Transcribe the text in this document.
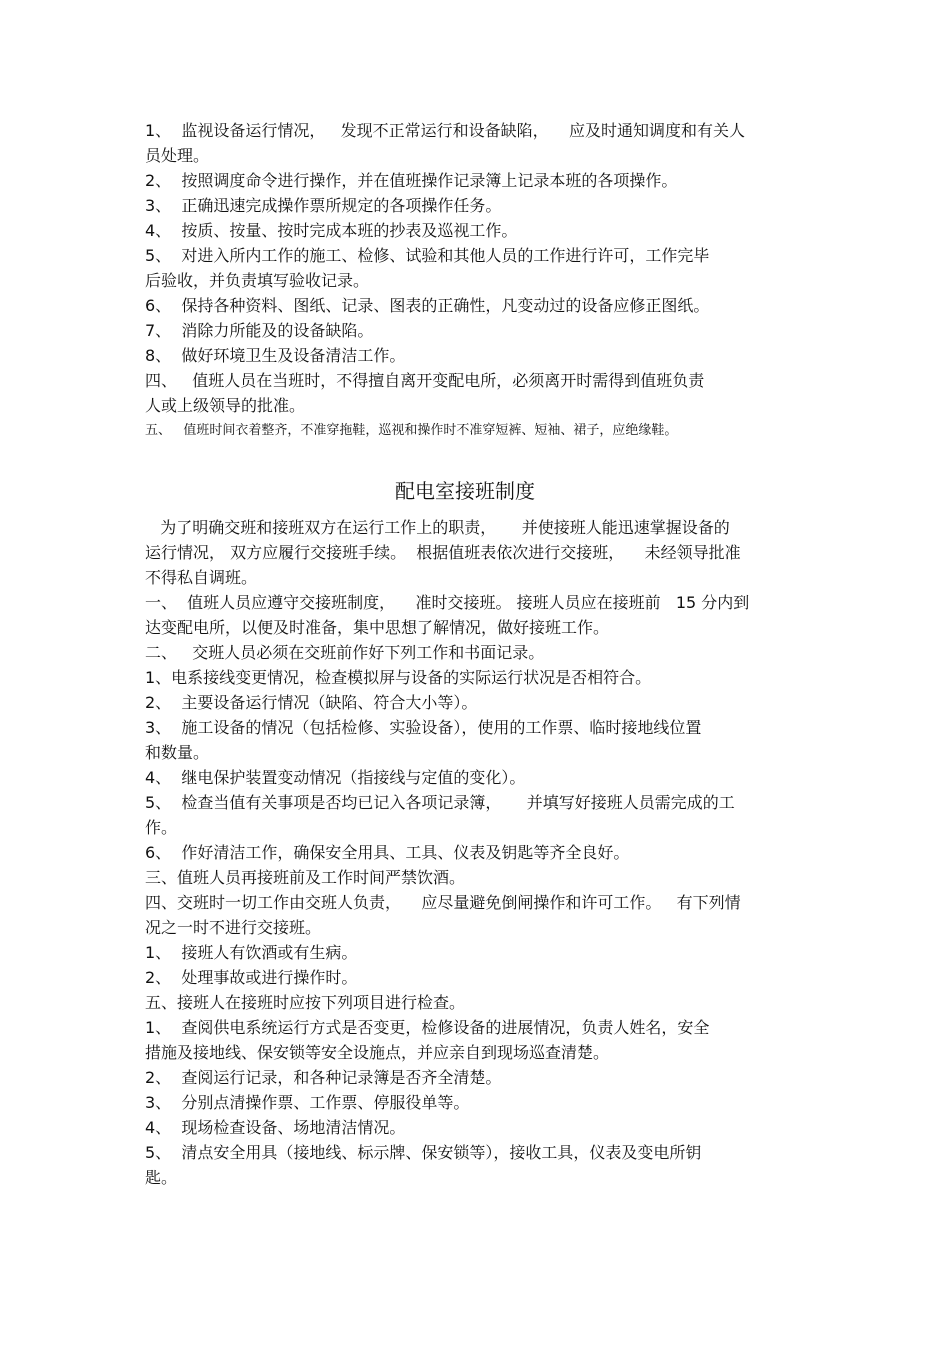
1、  监视设备运行情况，   发现不正常运行和设备缺陷，    应及时通知调度和有关人
员处理。
2、  按照调度命令进行操作，并在值班操作记录簿上记录本班的各项操作。
3、  正确迅速完成操作票所规定的各项操作任务。
4、  按质、按量、按时完成本班的抄表及巡视工作。
5、  对进入所内工作的施工、检修、试验和其他人员的工作进行许可，工作完毕
后验收，并负责填写验收记录。
6、  保持各种资料、图纸、记录、图表的正确性，凡变动过的设备应修正图纸。
7、  消除力所能及的设备缺陷。
8、  做好环境卫生及设备清洁工作。
四、   值班人员在当班时，不得擅自离开变配电所，必须离开时需得到值班负责
人或上级领导的批准。
五、   值班时间衣着整齐，不准穿拖鞋，巡视和操作时不准穿短裤、短袖、裙子，应绝缘鞋。
配电室接班制度
为了明确交班和接班双方在运行工作上的职责，     并使接班人能迅速掌握设备的
运行情况， 双方应履行交接班手续。  根据值班表依次进行交接班，    未经领导批准
不得私自调班。
一、  值班人员应遵守交接班制度，    准时交接班。 接班人员应在接班前   15 分内到
达变配电所，以便及时准备，集中思想了解情况，做好接班工作。
二、   交班人员必须在交班前作好下列工作和书面记录。
1、电系接线变更情况，检查模拟屏与设备的实际运行状况是否相符合。
2、  主要设备运行情况（缺陷、符合大小等）。
3、  施工设备的情况（包括检修、实验设备），使用的工作票、临时接地线位置
和数量。
4、  继电保护装置变动情况（指接线与定值的变化）。
5、  检查当值有关事项是否均已记入各项记录簿，     并填写好接班人员需完成的工
作。
6、  作好清洁工作，确保安全用具、工具、仪表及钥匙等齐全良好。
三、值班人员再接班前及工作时间严禁饮酒。
四、交班时一切工作由交班人负责，    应尽量避免倒闸操作和许可工作。   有下列情
况之一时不进行交接班。
1、  接班人有饮酒或有生病。
2、  处理事故或进行操作时。
五、接班人在接班时应按下列项目进行检查。
1、  查阅供电系统运行方式是否变更，检修设备的进展情况，负责人姓名，安全
措施及接地线、保安锁等安全设施点，并应亲自到现场巡查清楚。
2、  查阅运行记录，和各种记录簿是否齐全清楚。
3、  分别点清操作票、工作票、停服役单等。
4、  现场检查设备、场地清洁情况。
5、  清点安全用具（接地线、标示牌、保安锁等），接收工具，仪表及变电所钥
匙。
